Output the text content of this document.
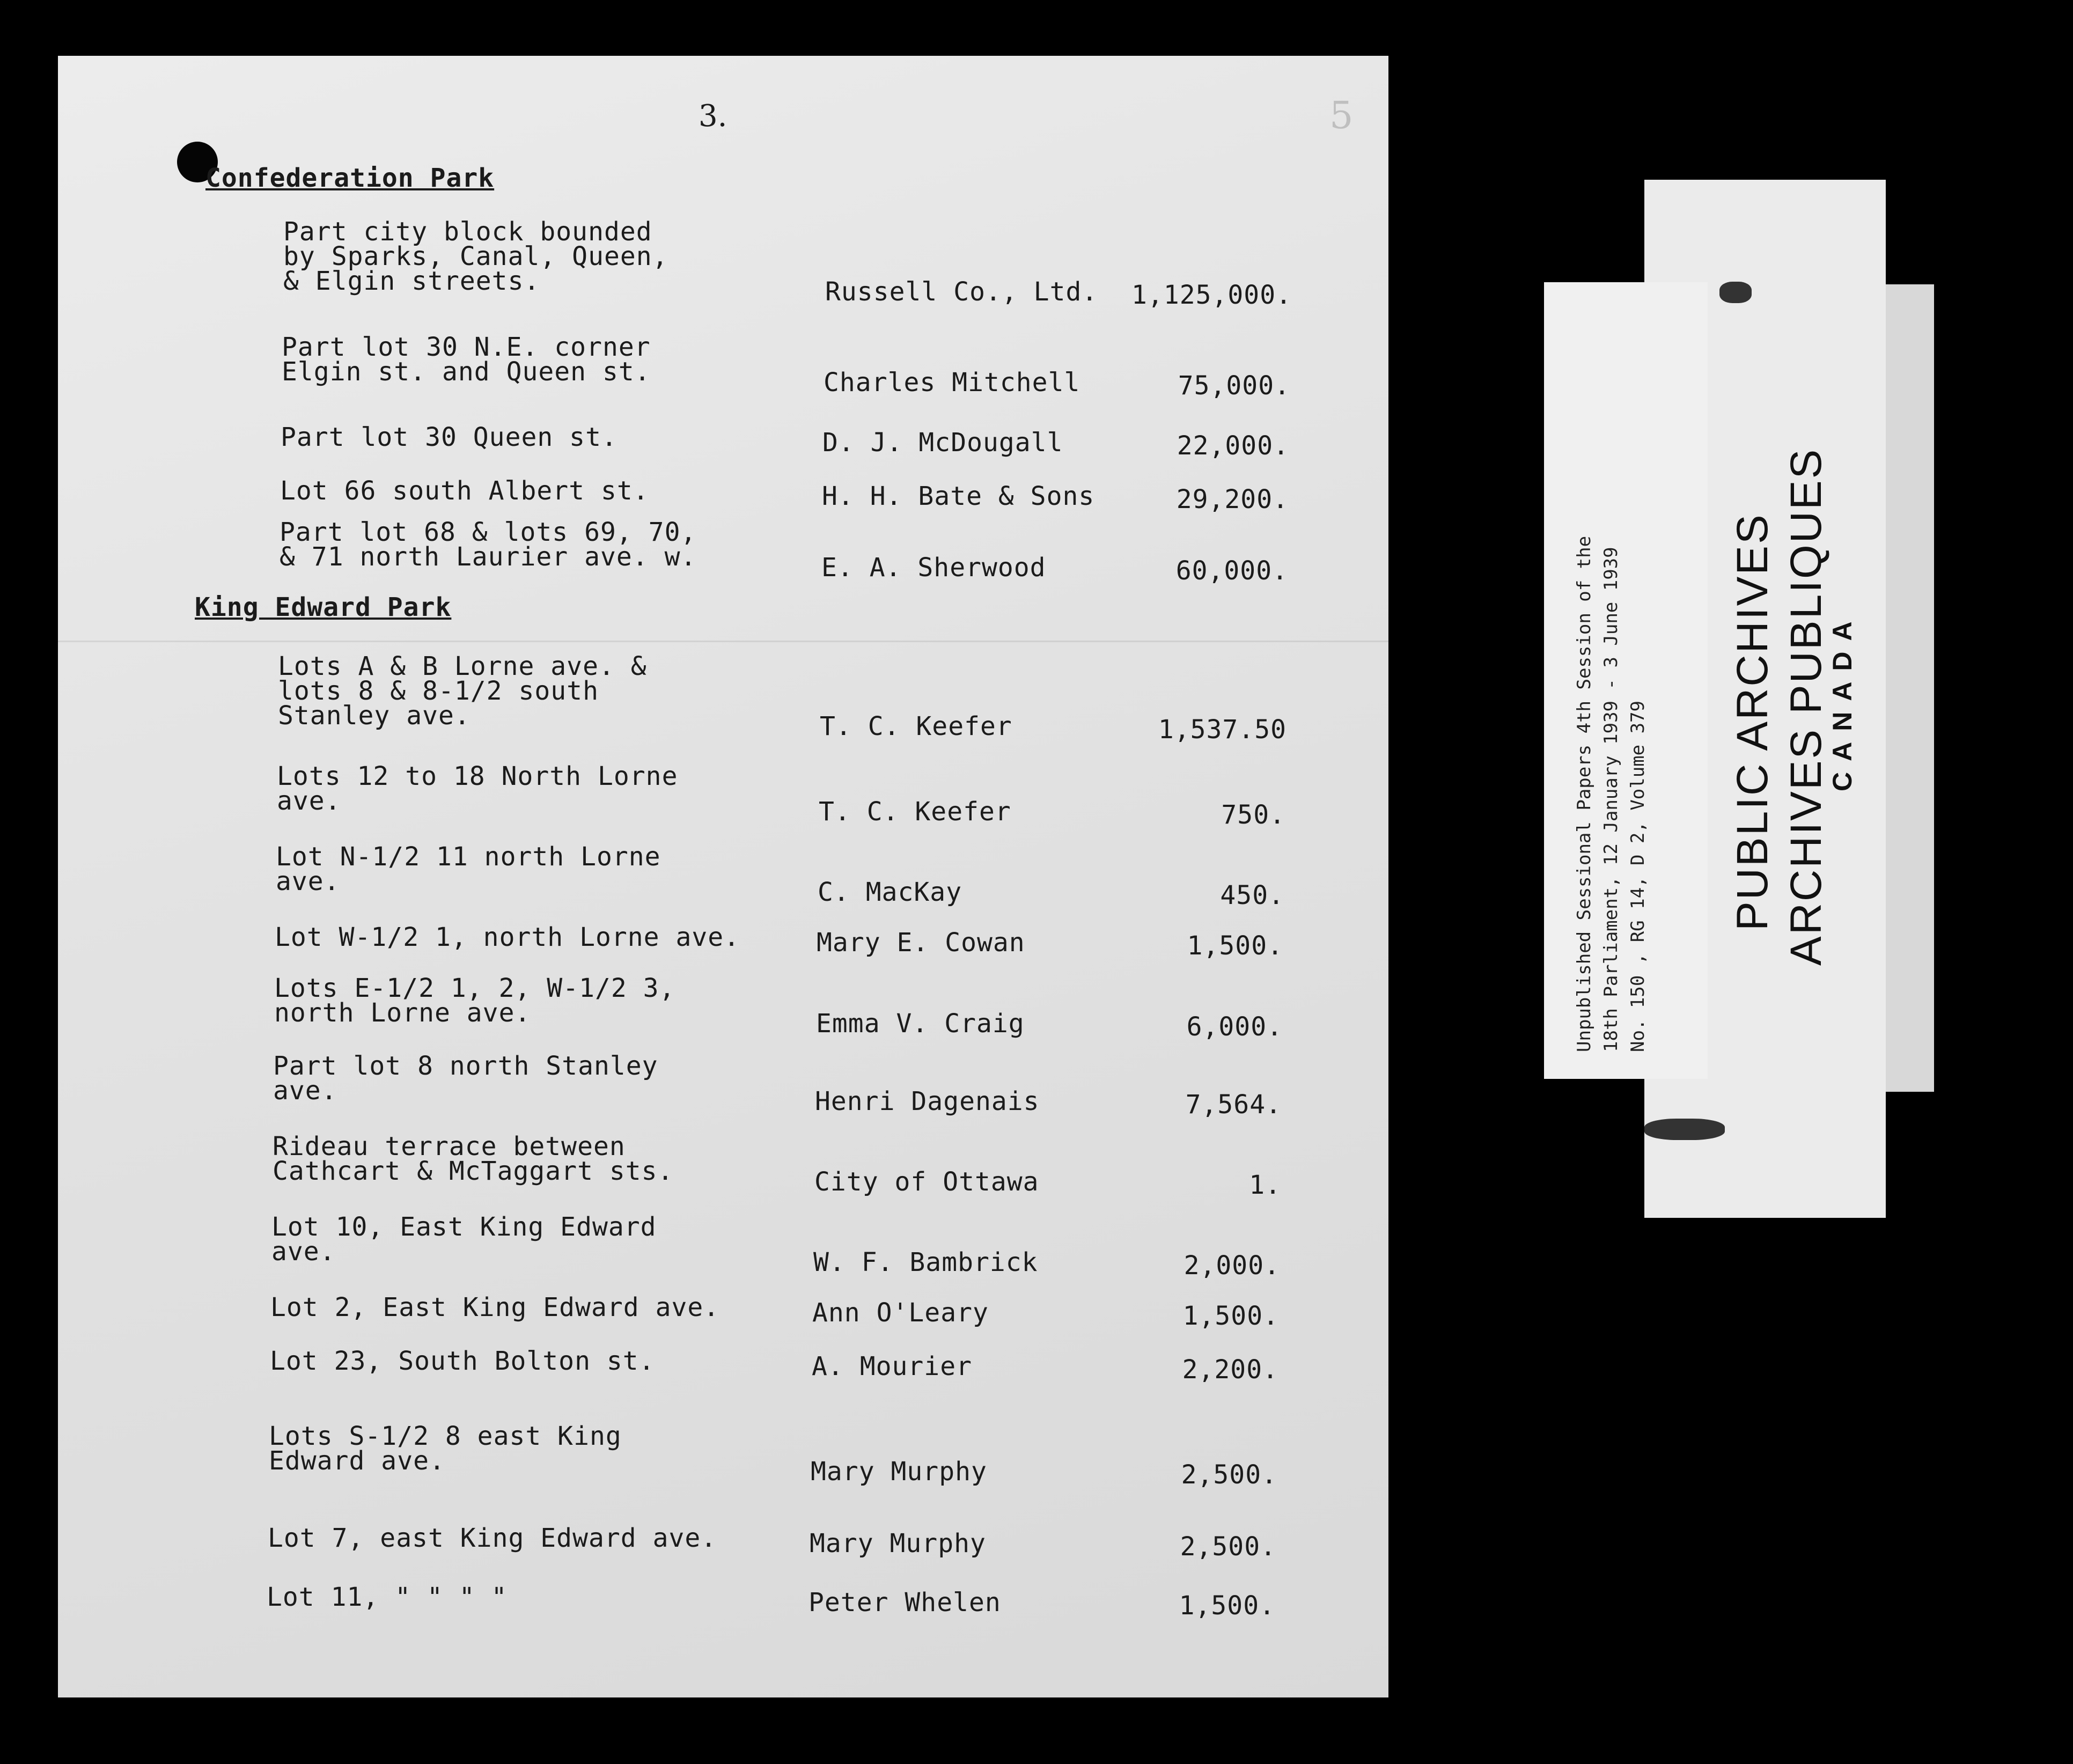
3.	5
Confederation Park
Part city block bounded
by Sparks, Canal, Queen,
& Elgin streets.	Russell Co., Ltd.	1,125,000.
Part lot 30 N.E. corner
Elgin st. and Queen st.	Charles Mitchell	75,000.
Part lot 30 Queen st.	D. J. McDougall	22,000.
Lot 66 south Albert st.	H. H. Bate & Sons	29,200.
Part lot 68 & lots 69, 70,
& 71 north Laurier ave. w.	E. A. Sherwood	60,000.
King Edward Park
Lots A & B Lorne ave. &
lots 8 & 8-1/2 south
Stanley ave.	T. C. Keefer	1,537.50
Lots 12 to 18 North Lorne
ave.	T. C. Keefer	750.
Lot N-1/2 11 north Lorne
ave.	C. MacKay	450.
Lot W-1/2 1, north Lorne ave.	Mary E. Cowan	1,500.
Lots E-1/2 1, 2, W-1/2 3,
north Lorne ave.	Emma V. Craig	6,000.
Part lot 8 north Stanley
ave.	Henri Dagenais	7,564.
Rideau terrace between
Cathcart & McTaggart sts.	City of Ottawa	1.
Lot 10, East King Edward
ave.	W. F. Bambrick	2,000.
Lot 2, East King Edward ave.	Ann O'Leary	1,500.
Lot 23, South Bolton st.	A. Mourier	2,200.
Lots S-1/2 8 east King
Edward ave.	Mary Murphy	2,500.
Lot 7, east King Edward ave.	Mary Murphy	2,500.
Lot 11, " " " "	Peter Whelen	1,500.
PUBLIC ARCHIVES ARCHIVES PUBLIQUES
CANADA
Unpublished Sessional Papers 4th Session of the 18th Parliament, 12 January 1939 - 3 June 1939 No. 150 , RG 14, D 2, Volume 379
